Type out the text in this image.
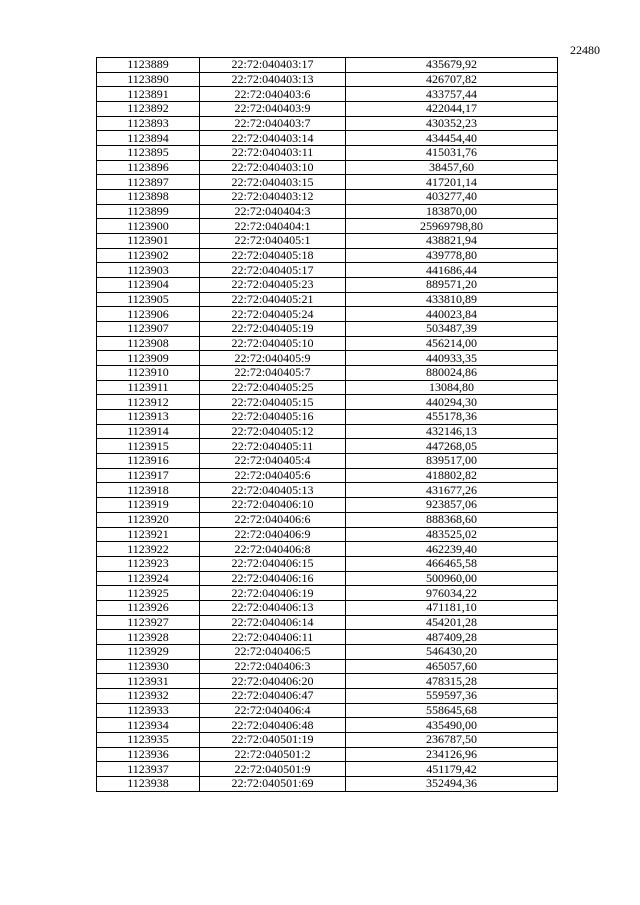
22480
1123889	22:72:040403:17	435679,92
1123890	22:72:040403:13	426707,82
1123891	22:72:040403:6	433757,44
1123892	22:72:040403:9	422044,17
1123893	22:72:040403:7	430352,23
1123894	22:72:040403:14	434454,40
1123895	22:72:040403:11	415031,76
1123896	22:72:040403:10	38457,60
1123897	22:72:040403:15	417201,14
1123898	22:72:040403:12	403277,40
1123899	22:72:040404:3	183870,00
1123900	22:72:040404:1	25969798,80
1123901	22:72:040405:1	438821,94
1123902	22:72:040405:18	439778,80
1123903	22:72:040405:17	441686,44
1123904	22:72:040405:23	889571,20
1123905	22:72:040405:21	433810,89
1123906	22:72:040405:24	440023,84
1123907	22:72:040405:19	503487,39
1123908	22:72:040405:10	456214,00
1123909	22:72:040405:9	440933,35
1123910	22:72:040405:7	880024,86
1123911	22:72:040405:25	13084,80
1123912	22:72:040405:15	440294,30
1123913	22:72:040405:16	455178,36
1123914	22:72:040405:12	432146,13
1123915	22:72:040405:11	447268,05
1123916	22:72:040405:4	839517,00
1123917	22:72:040405:6	418802,82
1123918	22:72:040405:13	431677,26
1123919	22:72:040406:10	923857,06
1123920	22:72:040406:6	888368,60
1123921	22:72:040406:9	483525,02
1123922	22:72:040406:8	462239,40
1123923	22:72:040406:15	466465,58
1123924	22:72:040406:16	500960,00
1123925	22:72:040406:19	976034,22
1123926	22:72:040406:13	471181,10
1123927	22:72:040406:14	454201,28
1123928	22:72:040406:11	487409,28
1123929	22:72:040406:5	546430,20
1123930	22:72:040406:3	465057,60
1123931	22:72:040406:20	478315,28
1123932	22:72:040406:47	559597,36
1123933	22:72:040406:4	558645,68
1123934	22:72:040406:48	435490,00
1123935	22:72:040501:19	236787,50
1123936	22:72:040501:2	234126,96
1123937	22:72:040501:9	451179,42
1123938	22:72:040501:69	352494,36
